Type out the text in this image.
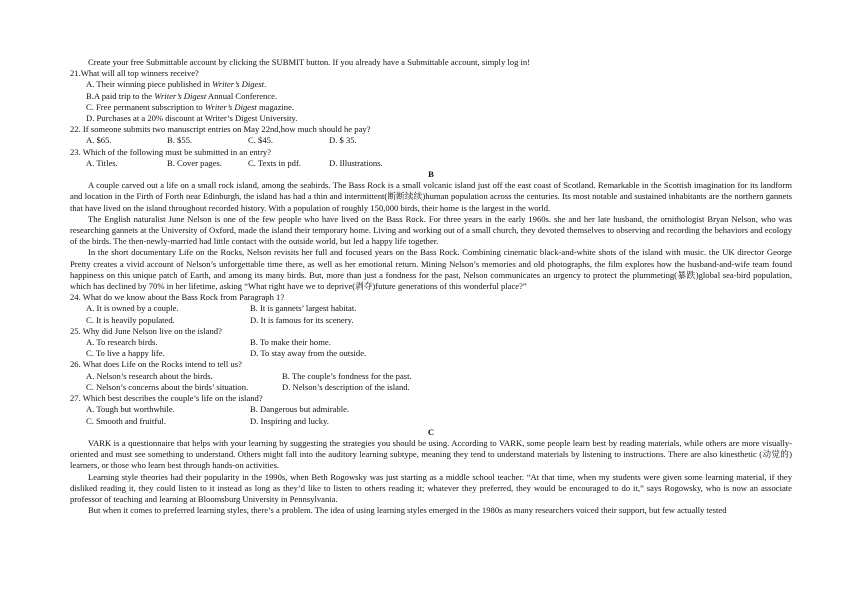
Create your free Submittable account by clicking the SUBMIT button. If you already have a Submittable account, simply log in!

21.What will all top winners receive?

A. Their winning piece published in Writer’s Digest.

B.A paid trip to the Writer’s Digest Annual Conference.

C. Free permanent subscription to Writer’s Digest magazine.

D. Purchases at a 20% discount at Writer’s Digest University.

22. If someone submits two manuscript entries on May 22nd,how much should he pay?

A. $65.	B. $55.	C. $45.	D. $ 35.

23. Which of the following must be submitted in an entry?

A. Titles.	B. Cover pages.	C. Texts in pdf.	D. Illustrations.

B

A couple carved out a life on a small rock island, among the seabirds. The Bass Rock is a small volcanic island just off the east coast of Scotland. Remarkable in the Scottish imagination for its landform and location in the Firth of Forth near Edinburgh, the island has had a thin and intermittent(断断续续)human population across the centuries. Its most notable and sustained inhabitants are the northern gannets that have lived on the island throughout recorded history. With a population of roughly 150,000 birds, their home is the largest in the world.

The English naturalist June Nelson is one of the few people who have lived on the Bass Rock. For three years in the early 1960s. she and her late husband, the ornithologist Bryan Nelson, who was researching gannets at the University of Oxford, made the island their temporary home. Living and working out of a small church, they devoted themselves to observing and recording the behaviors and ecology of the birds. The then-newly-married had little contact with the outside world, but led a happy life together.

In the short documentary Life on the Rocks, Nelson revisits her full and focused years on the Bass Rock. Combining cinematic black-and-white shots of the island with music. the UK director George Pretty creates a vivid account of Nelson’s unforgettable time there, as well as her emotional return. Mining Nelson’s memories and old photographs, the film explores how the husband-and-wife team found happiness on this unique patch of Earth, and among its many birds. But, more than just a fondness for the past, Nelson communicates an urgency to protect the plummeting(暴跌)global sea-bird population, which has declined by 70% in her lifetime, asking “What right have we to deprive(剥夺)future generations of this wonderful place?”

24. What do we know about the Bass Rock from Paragraph 1?

A. It is owned by a couple.	B. It is gannets’ largest habitat.
C. It is heavily populated.	D. It is famous for its scenery.

25. Why did June Nelson live on the island?

A. To research birds.	B. To make their home.
C. To live a happy life.	D. To stay away from the outside.

26. What does Life on the Rocks intend to tell us?

A. Nelson’s research about the birds.	B. The couple’s fondness for the past.
C. Nelson’s concerns about the birds’ situation.	D. Nelson’s description of the island.

27. Which best describes the couple’s life on the island?

A. Tough but worthwhile.	B. Dangerous but admirable.
C. Smooth and fruitful.	D. Inspiring and lucky.

C

VARK is a questionnaire that helps with your learning by suggesting the strategies you should be using. According to VARK, some people learn best by reading materials, while others are more visually-oriented and must see something to understand. Others might fall into the auditory learning subtype, meaning they tend to understand materials by listening to instructions. There are also kinesthetic (动觉的) learners, or those who learn best through hands-on activities.

Learning style theories had their popularity in the 1990s, when Beth Rogowsky was just starting as a middle school teacher. “At that time, when my students were given some learning material, if they disliked reading it, they could listen to it instead as long as they’d like to listen to others reading it; whatever they preferred, they would be encouraged to do it,” says Rogowsky, who is now an associate professor of teaching and learning at Bloomsburg University in Pennsylvania.

But when it comes to preferred learning styles, there’s a problem. The idea of using learning styles emerged in the 1980s as many researchers voiced their support, but few actually tested
